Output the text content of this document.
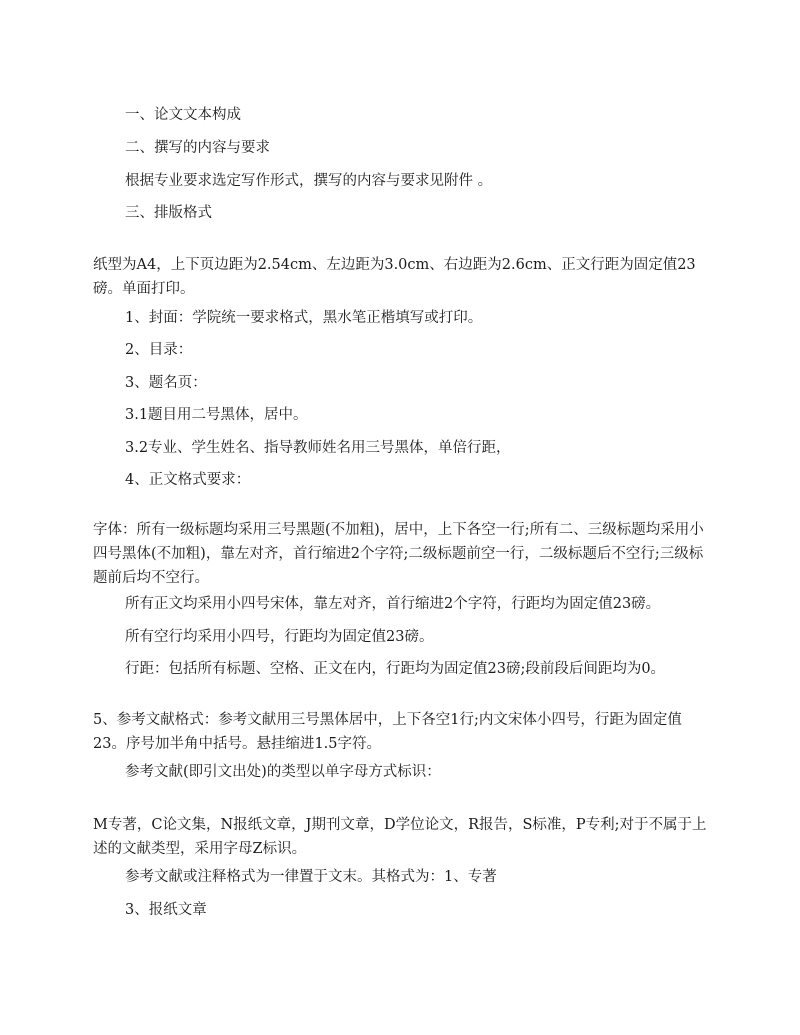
一、论文文本构成

二、撰写的内容与要求

根据专业要求选定写作形式，撰写的内容与要求见附件 。

三、排版格式

纸型为A4，上下页边距为2.54cm、左边距为3.0cm、右边距为2.6cm、正文行距为固定值23磅。单面打印。

1、封面：学院统一要求格式，黑水笔正楷填写或打印。

2、目录：

3、题名页：

3.1题目用二号黑体，居中。

3.2专业、学生姓名、指导教师姓名用三号黑体，单倍行距，

4、正文格式要求：

字体：所有一级标题均采用三号黑题(不加粗)，居中，上下各空一行;所有二、三级标题均采用小四号黑体(不加粗)，靠左对齐，首行缩进2个字符;二级标题前空一行，二级标题后不空行;三级标题前后均不空行。

所有正文均采用小四号宋体，靠左对齐，首行缩进2个字符，行距均为固定值23磅。

所有空行均采用小四号，行距均为固定值23磅。

行距：包括所有标题、空格、正文在内，行距均为固定值23磅;段前段后间距均为0。

5、参考文献格式：参考文献用三号黑体居中，上下各空1行;内文宋体小四号，行距为固定值23。序号加半角中括号。悬挂缩进1.5字符。

参考文献(即引文出处)的类型以单字母方式标识：

M专著，C论文集，N报纸文章，J期刊文章，D学位论文，R报告，S标准，P专利;对于不属于上述的文献类型，采用字母Z标识。

参考文献或注释格式为一律置于文末。其格式为：1、专著

3、报纸文章
